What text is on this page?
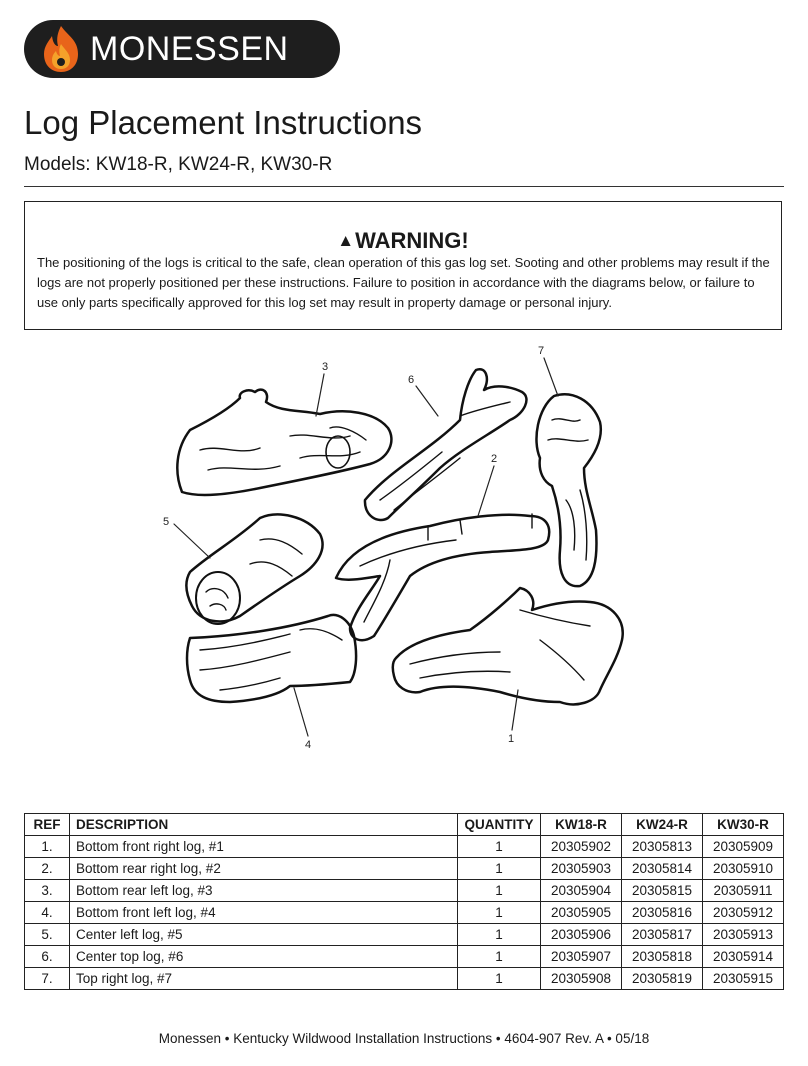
MONESSEN
Log Placement Instructions
Models: KW18-R, KW24-R, KW30-R
▲WARNING!
The positioning of the logs is critical to the safe, clean operation of this gas log set. Sooting and other problems may result if the logs are not properly positioned per these instructions. Failure to position in accordance with the diagrams below, or failure to use only parts specifically approved for this log set may result in property damage or personal injury.
3
6
7
2
5
4	1
REF	DESCRIPTION	QUANTITY	KW18-R	KW24-R	KW30-R
1.	Bottom front right log, #1	1	20305902	20305813	20305909
2.	Bottom rear right log, #2	1	20305903	20305814	20305910
3.	Bottom rear left log, #3	1	20305904	20305815	20305911
4.	Bottom front left log, #4	1	20305905	20305816	20305912
5.	Center left log, #5	1	20305906	20305817	20305913
6.	Center top log, #6	1	20305907	20305818	20305914
7.	Top right log, #7	1	20305908	20305819	20305915
Monessen • Kentucky Wildwood Installation Instructions • 4604-907 Rev. A • 05/18
